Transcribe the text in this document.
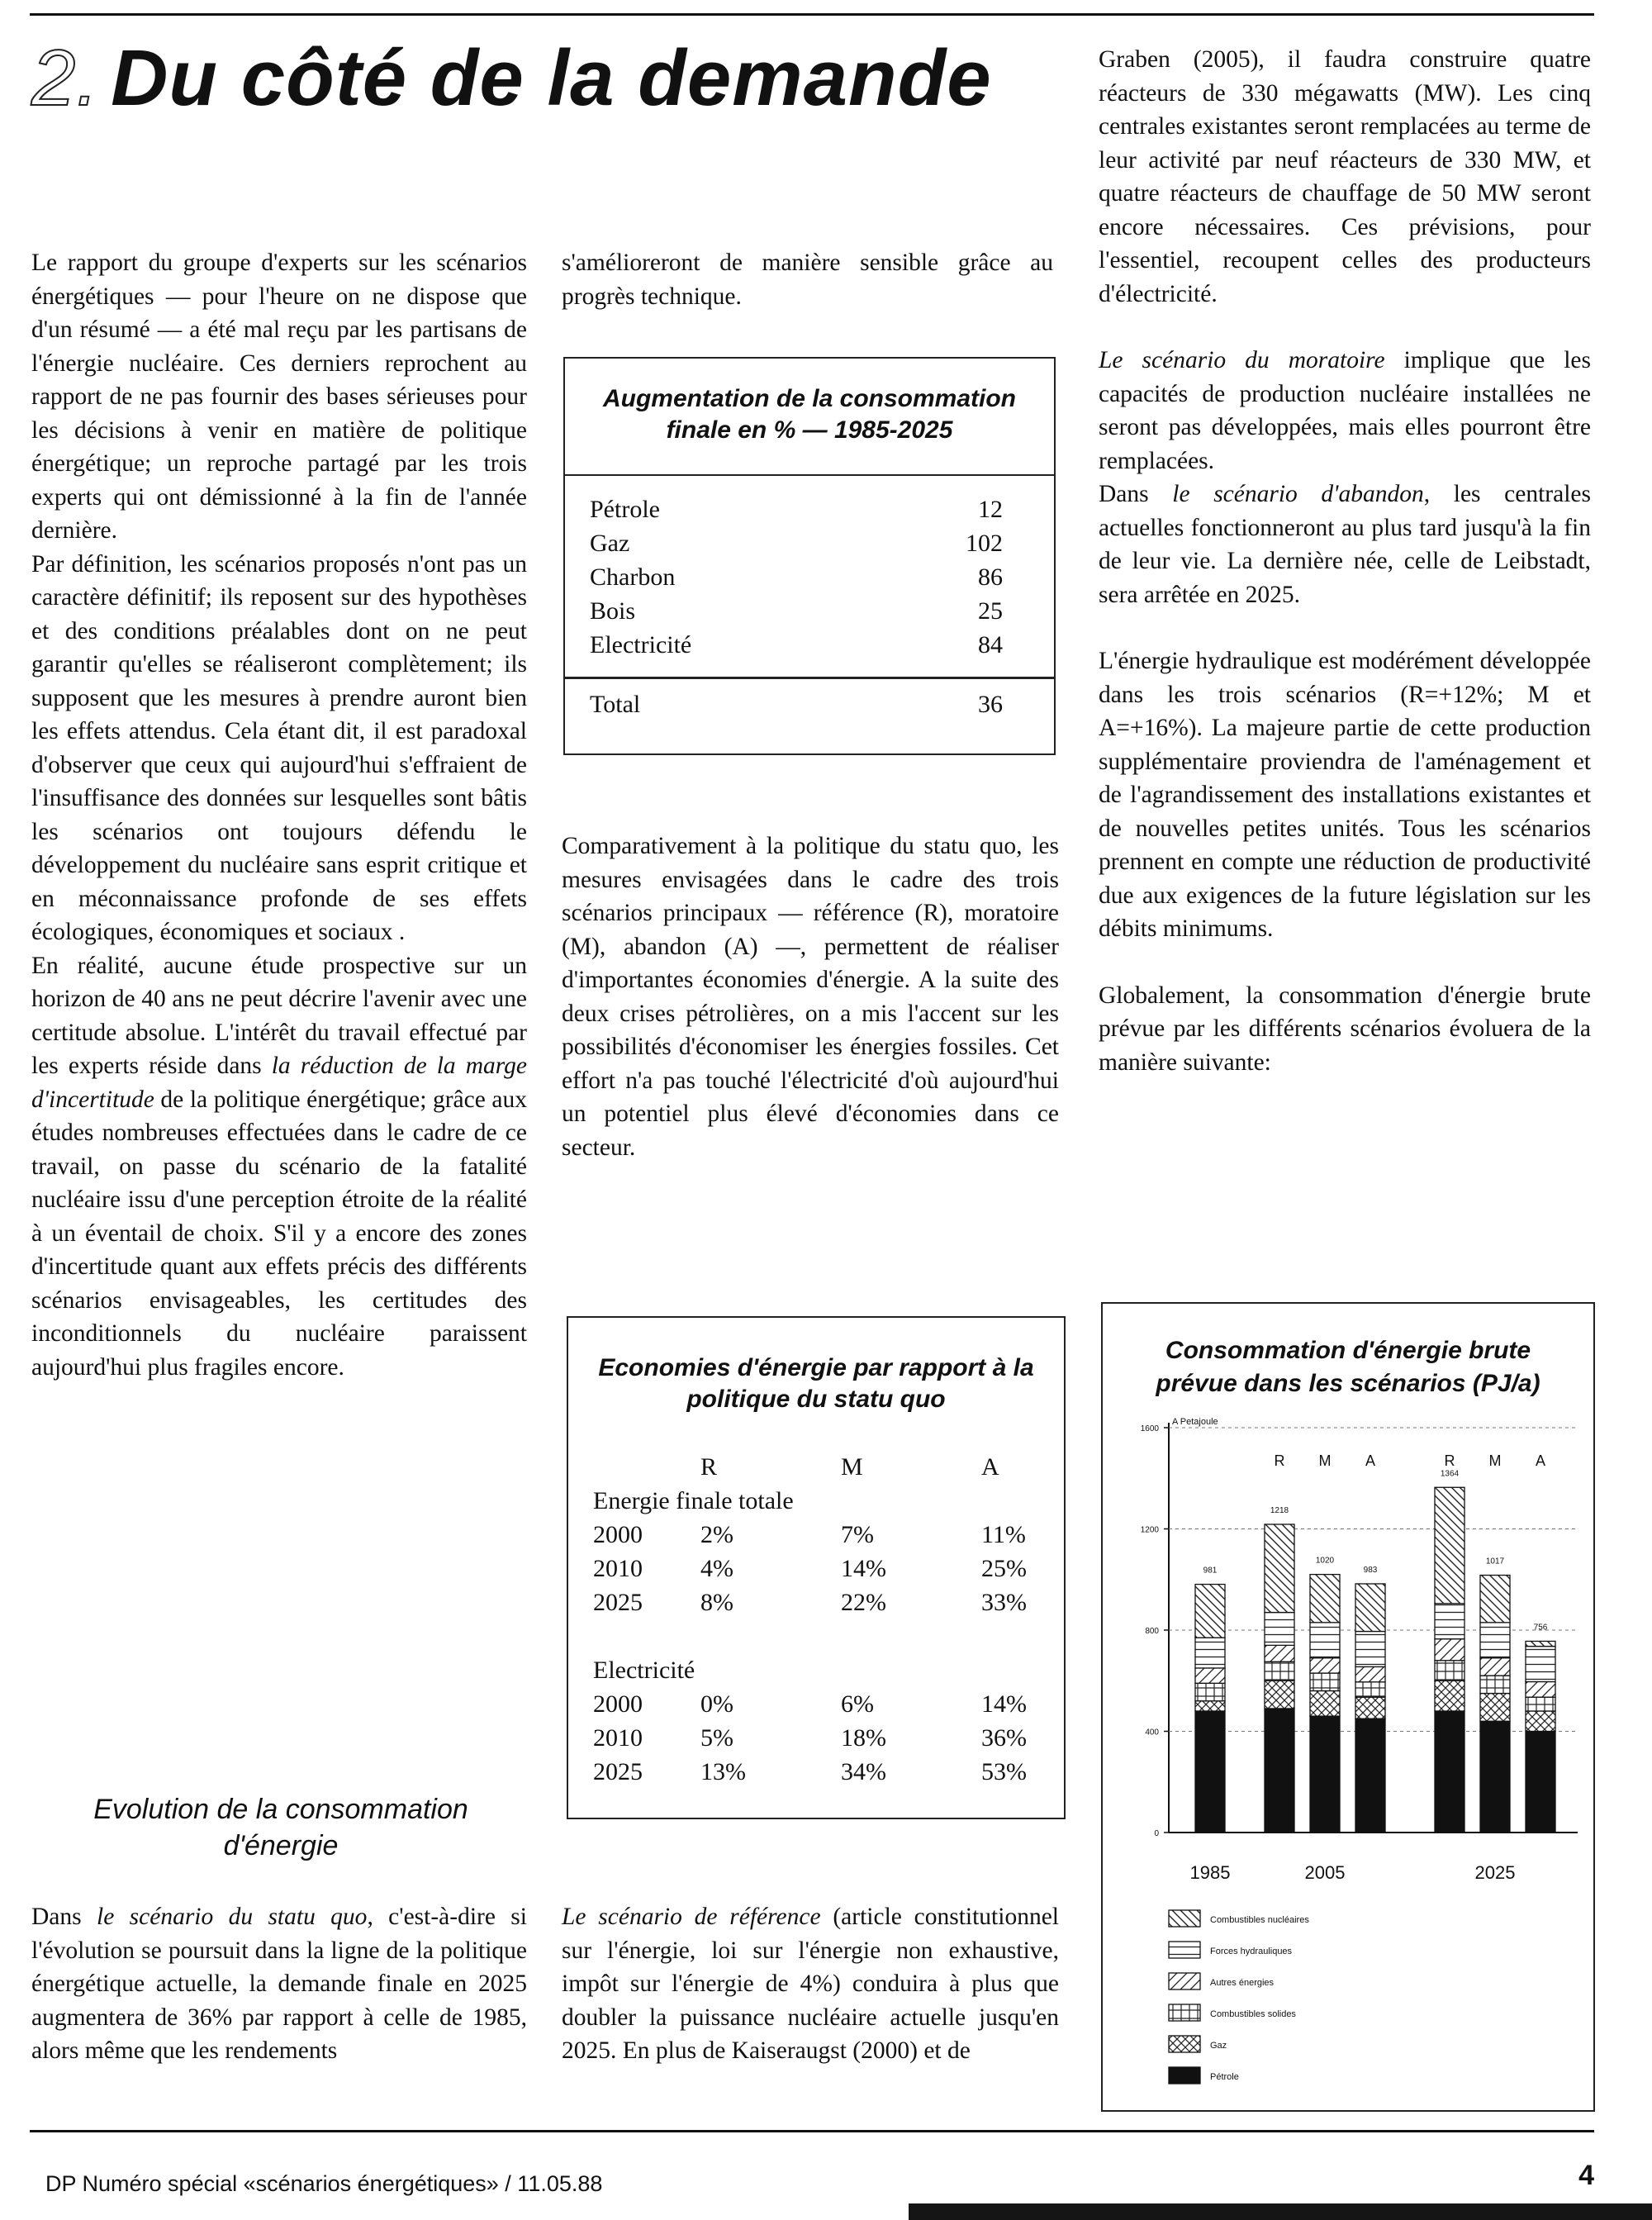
2. Du côté de la demande

Le rapport du groupe d'experts sur les scénarios énergétiques — pour l'heure on ne dispose que d'un résumé — a été mal reçu par les partisans de l'énergie nucléaire. Ces derniers reprochent au rapport de ne pas fournir des bases sérieuses pour les décisions à venir en matière de politique énergétique; un reproche partagé par les trois experts qui ont démissionné à la fin de l'année dernière.

Par définition, les scénarios proposés n'ont pas un caractère définitif; ils reposent sur des hypothèses et des conditions préalables dont on ne peut garantir qu'elles se réaliseront complètement; ils supposent que les mesures à prendre auront bien les effets attendus. Cela étant dit, il est paradoxal d'observer que ceux qui aujourd'hui s'effraient de l'insuffisance des données sur lesquelles sont bâtis les scénarios ont toujours défendu le développement du nucléaire sans esprit critique et en méconnaissance profonde de ses effets écologiques, économiques et sociaux .

En réalité, aucune étude prospective sur un horizon de 40 ans ne peut décrire l'avenir avec une certitude absolue. L'intérêt du travail effectué par les experts réside dans la réduction de la marge d'incertitude de la politique énergétique; grâce aux études nombreuses effectuées dans le cadre de ce travail, on passe du scénario de la fatalité nucléaire issu d'une perception étroite de la réalité à un éventail de choix. S'il y a encore des zones d'incertitude quant aux effets précis des différents scénarios envisageables, les certitudes des inconditionnels du nucléaire paraissent aujourd'hui plus fragiles encore.

Evolution de la consommation d'énergie

Dans le scénario du statu quo, c'est-à-dire si l'évolution se poursuit dans la ligne de la politique énergétique actuelle, la demande finale en 2025 augmentera de 36% par rapport à celle de 1985, alors même que les rendements

s'amélioreront de manière sensible grâce au progrès technique.

Augmentation de la consommation finale en % — 1985-2025
Pétrole	12
Gaz	102
Charbon	86
Bois	25
Electricité	84
Total	36

Comparativement à la politique du statu quo, les mesures envisagées dans le cadre des trois scénarios principaux — référence (R), moratoire (M), abandon (A) —, permettent de réaliser d'importantes économies d'énergie. A la suite des deux crises pétrolières, on a mis l'accent sur les possibilités d'économiser les énergies fossiles. Cet effort n'a pas touché l'électricité d'où aujourd'hui un potentiel plus élevé d'économies dans ce secteur.

Economies d'énergie par rapport à la politique du statu quo
R	M	A
Energie finale totale
2000 2%	7%	11%
2010 4%	14%	25%
2025 8%	22%	33%
Electricité
2000 0%	6%	14%
2010 5%	18%	36%
2025 13%	34%	53%

Le scénario de référence (article constitutionnel sur l'énergie, loi sur l'énergie non exhaustive, impôt sur l'énergie de 4%) conduira à plus que doubler la puissance nucléaire actuelle jusqu'en 2025. En plus de Kaiseraugst (2000) et de

Graben (2005), il faudra construire quatre réacteurs de 330 mégawatts (MW). Les cinq centrales existantes seront remplacées au terme de leur activité par neuf réacteurs de 330 MW, et quatre réacteurs de chauffage de 50 MW seront encore nécessaires. Ces prévisions, pour l'essentiel, recoupent celles des producteurs d'électricité.

Le scénario du moratoire implique que les capacités de production nucléaire installées ne seront pas développées, mais elles pourront être remplacées.

Dans le scénario d'abandon, les centrales actuelles fonctionneront au plus tard jusqu'à la fin de leur vie. La dernière née, celle de Leibstadt, sera arrêtée en 2025.

L'énergie hydraulique est modérément développée dans les trois scénarios (R=+12%; M et A=+16%). La majeure partie de cette production supplémentaire proviendra de l'aménagement et de l'agrandissement des installations existantes et de nouvelles petites unités. Tous les scénarios prennent en compte une réduction de productivité due aux exigences de la future législation sur les débits minimums.

Globalement, la consommation d'énergie brute prévue par les différents scénarios évoluera de la manière suivante:

Consommation d'énergie brute
prévue dans les scénarios (PJ/a)
A Petajoule
0
400
800
1200
1600
981
1218
1020
983
1364
1017
756
R M A	R M A
1985	2005	2025
Combustibles nucléaires
Forces hydrauliques
Autres énergies
Combustibles solides
Gaz
Pétrole
DP Numéro spécial «scénarios énergétiques» / 11.05.88	4
